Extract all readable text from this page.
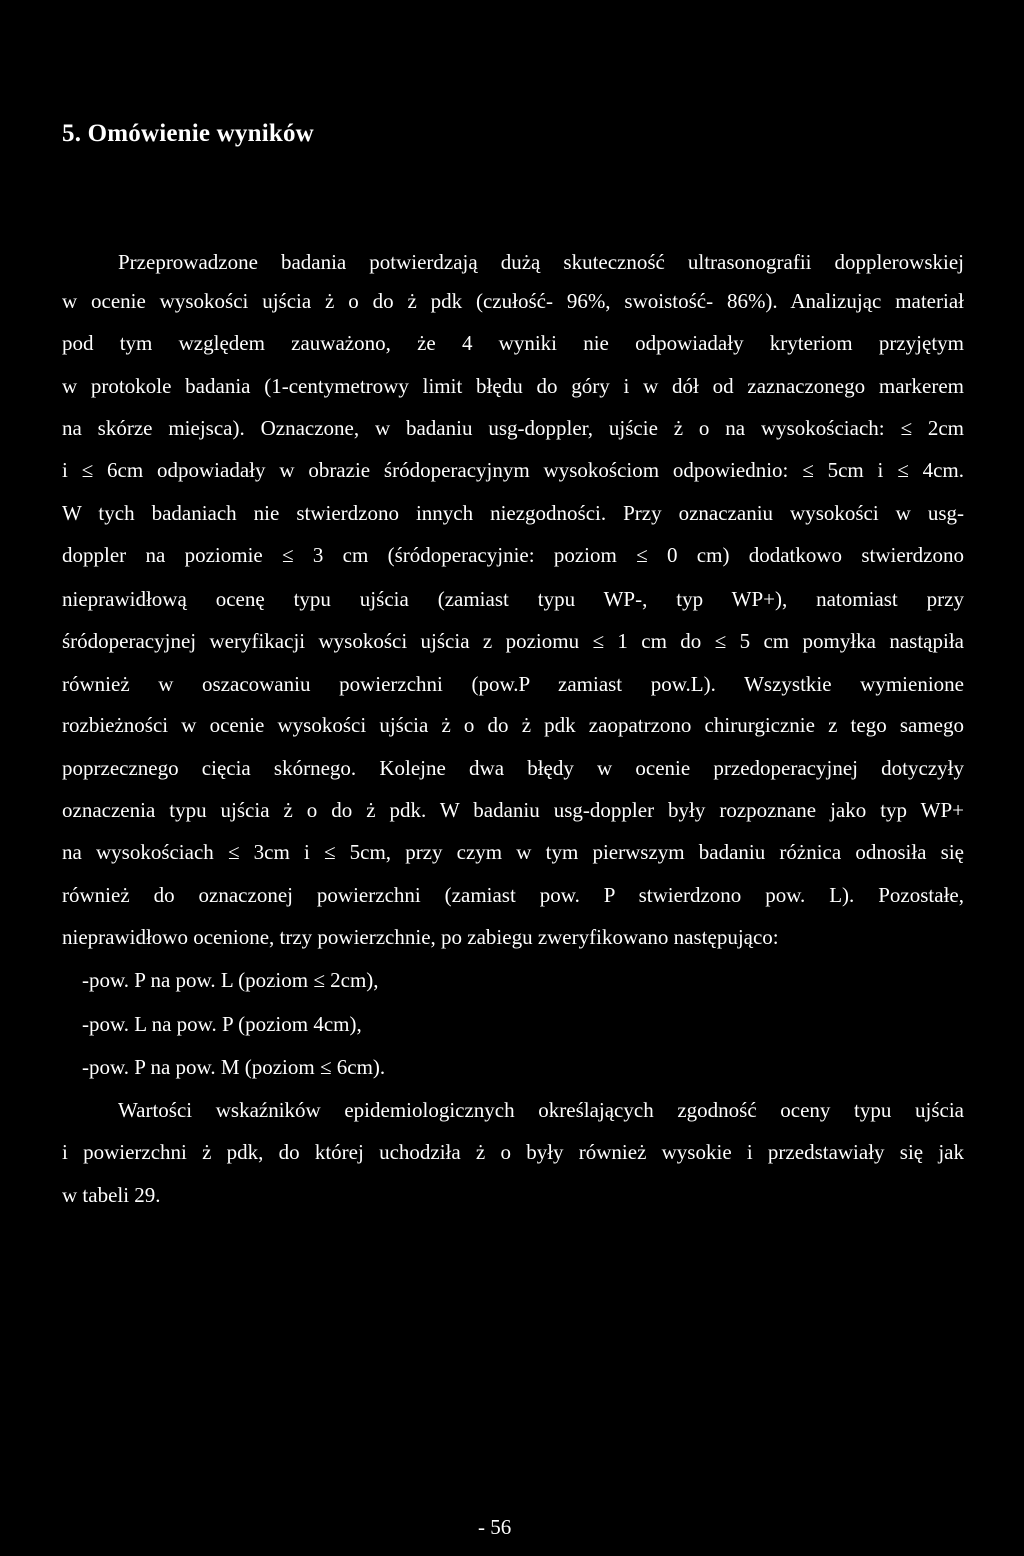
5. Omówienie wyników
Przeprowadzone badania potwierdzają dużą skuteczność ultrasonografii dopplerowskiej
w ocenie wysokości ujścia ż o do ż pdk (czułość- 96%, swoistość- 86%). Analizując materiał
pod tym względem zauważono, że 4 wyniki nie odpowiadały kryteriom przyjętym
w protokole badania (1-centymetrowy limit błędu do góry i w dół od zaznaczonego markerem
na skórze miejsca). Oznaczone, w badaniu usg-doppler, ujście ż o na wysokościach: ≤ 2cm
i ≤ 6cm odpowiadały w obrazie śródoperacyjnym wysokościom odpowiednio: ≤ 5cm i ≤ 4cm.
W tych badaniach nie stwierdzono innych niezgodności. Przy oznaczaniu wysokości w usg-
doppler na poziomie ≤ 3 cm (śródoperacyjnie: poziom ≤ 0 cm) dodatkowo stwierdzono
nieprawidłową ocenę typu ujścia (zamiast typu WP-, typ WP+), natomiast przy
śródoperacyjnej weryfikacji wysokości ujścia z poziomu ≤ 1 cm do ≤ 5 cm pomyłka nastąpiła
również w oszacowaniu powierzchni (pow.P zamiast pow.L). Wszystkie wymienione
rozbieżności w ocenie wysokości ujścia ż o do ż pdk zaopatrzono chirurgicznie z tego samego
poprzecznego cięcia skórnego. Kolejne dwa błędy w ocenie przedoperacyjnej dotyczyły
oznaczenia typu ujścia ż o do ż pdk. W badaniu usg-doppler były rozpoznane jako typ WP+
na wysokościach ≤ 3cm i ≤ 5cm, przy czym w tym pierwszym badaniu różnica odnosiła się
również do oznaczonej powierzchni (zamiast pow. P stwierdzono pow. L). Pozostałe,
nieprawidłowo ocenione, trzy powierzchnie, po zabiegu zweryfikowano następująco:
-pow. P na pow. L (poziom ≤ 2cm),
-pow. L na pow. P (poziom 4cm),
-pow. P na pow. M (poziom ≤ 6cm).
Wartości wskaźników epidemiologicznych określających zgodność oceny typu ujścia
i powierzchni ż pdk, do której uchodziła ż o były również wysokie i przedstawiały się jak
w tabeli 29.
- 56
